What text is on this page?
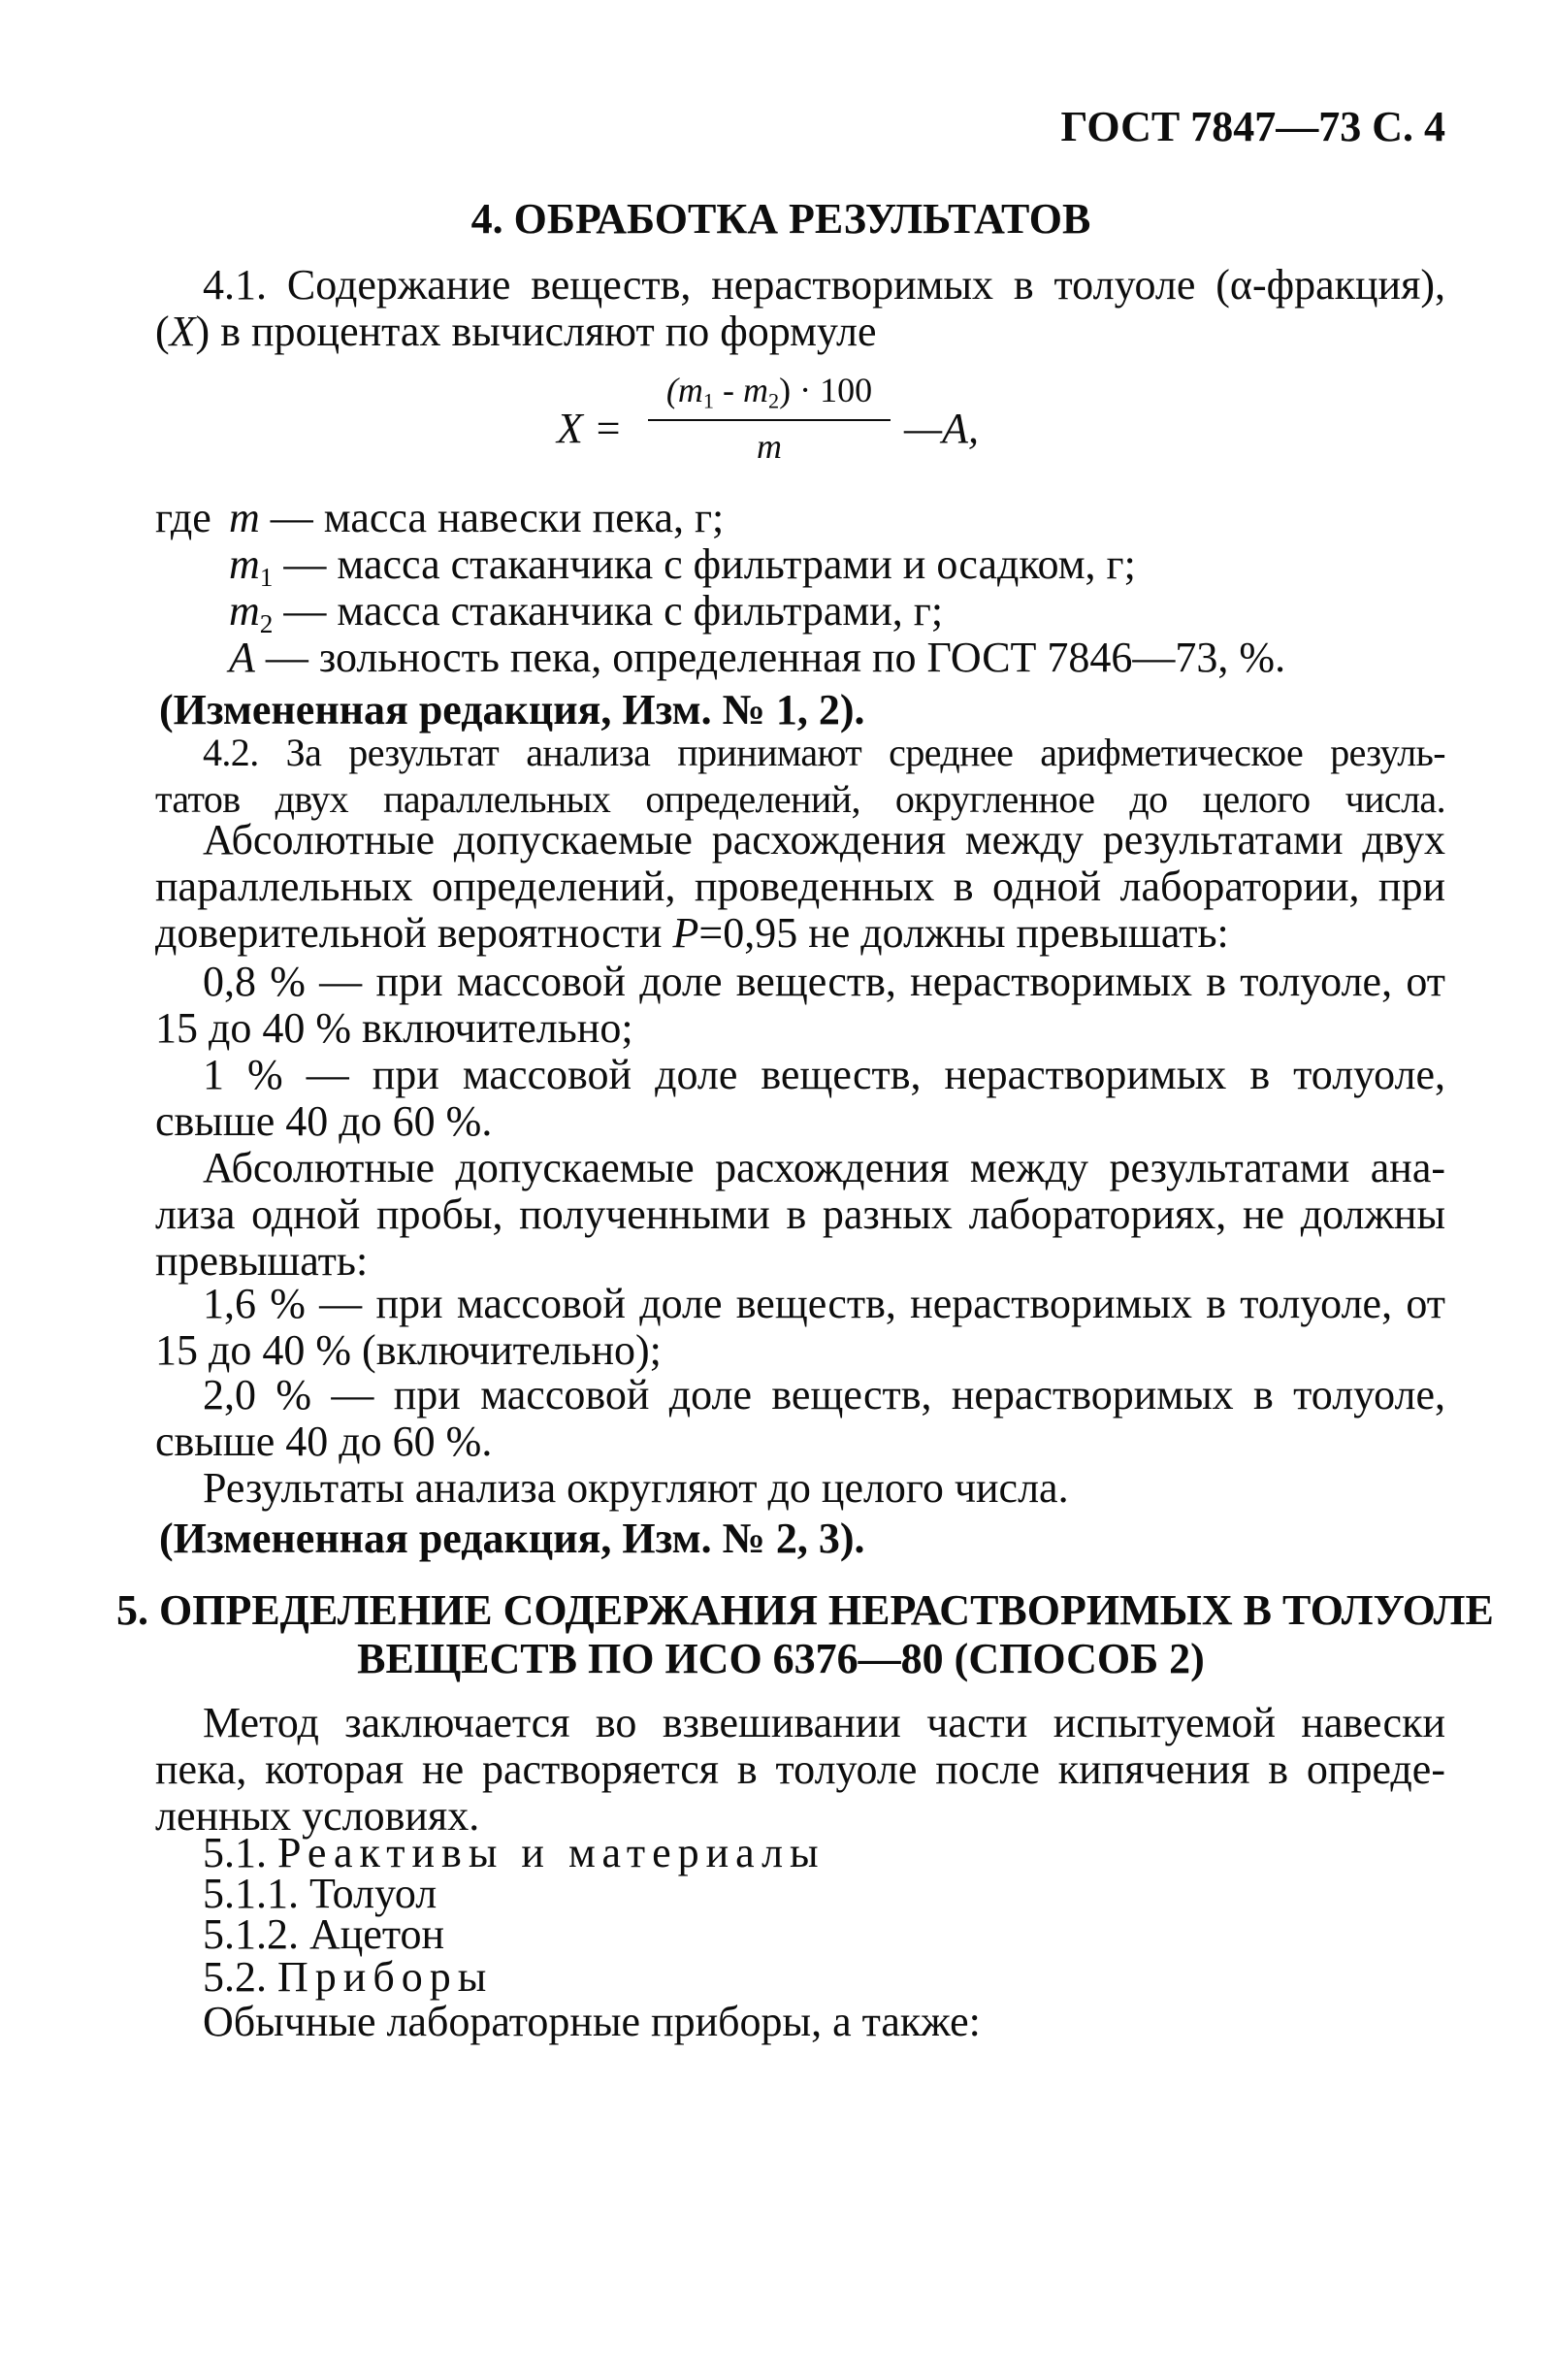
ГОСТ 7847—73 С. 4
4. ОБРАБОТКА РЕЗУЛЬТАТОВ
4.1. Содержание веществ, нерастворимых в толуоле (α-фракция),
(X) в процентах вычисляют по формуле
X =
$(m_1 - m_2) \cdot 100$
m	—A,
где m — масса навески пека, г;
$m_1$ — масса стаканчика с фильтрами и осадком, г;
$m_2$ — масса стаканчика с фильтрами, г;
A — зольность пека, определенная по ГОСТ 7846—73, %.
(Измененная редакция, Изм. № 1, 2).
4.2. За результат анализа принимают среднее арифметическое резуль-
татов двух параллельных определений, округленное до целого числа.
Абсолютные допускаемые расхождения между результатами двух
параллельных определений, проведенных в одной лаборатории, при
доверительной вероятности P=0,95 не должны превышать:
0,8 % — при массовой доле веществ, нерастворимых в толуоле, от
15 до 40 % включительно;
1 % — при массовой доле веществ, нерастворимых в толуоле,
свыше 40 до 60 %.
Абсолютные допускаемые расхождения между результатами ана-
лиза одной пробы, полученными в разных лабораториях, не должны
превышать:
1,6 % — при массовой доле веществ, нерастворимых в толуоле, от
15 до 40 % (включительно);
2,0 % — при массовой доле веществ, нерастворимых в толуоле,
свыше 40 до 60 %.
Результаты анализа округляют до целого числа.
(Измененная редакция, Изм. № 2, 3).
5. ОПРЕДЕЛЕНИЕ СОДЕРЖАНИЯ НЕРАСТВОРИМЫХ В ТОЛУОЛЕ
ВЕЩЕСТВ ПО ИСО 6376—80 (СПОСОБ 2)
Метод заключается во взвешивании части испытуемой навески
пека, которая не растворяется в толуоле после кипячения в опреде-
ленных условиях.
5.1. Реактивы и материалы
5.1.1. Толуол
5.1.2. Ацетон
5.2. Приборы
Обычные лабораторные приборы, а также:
